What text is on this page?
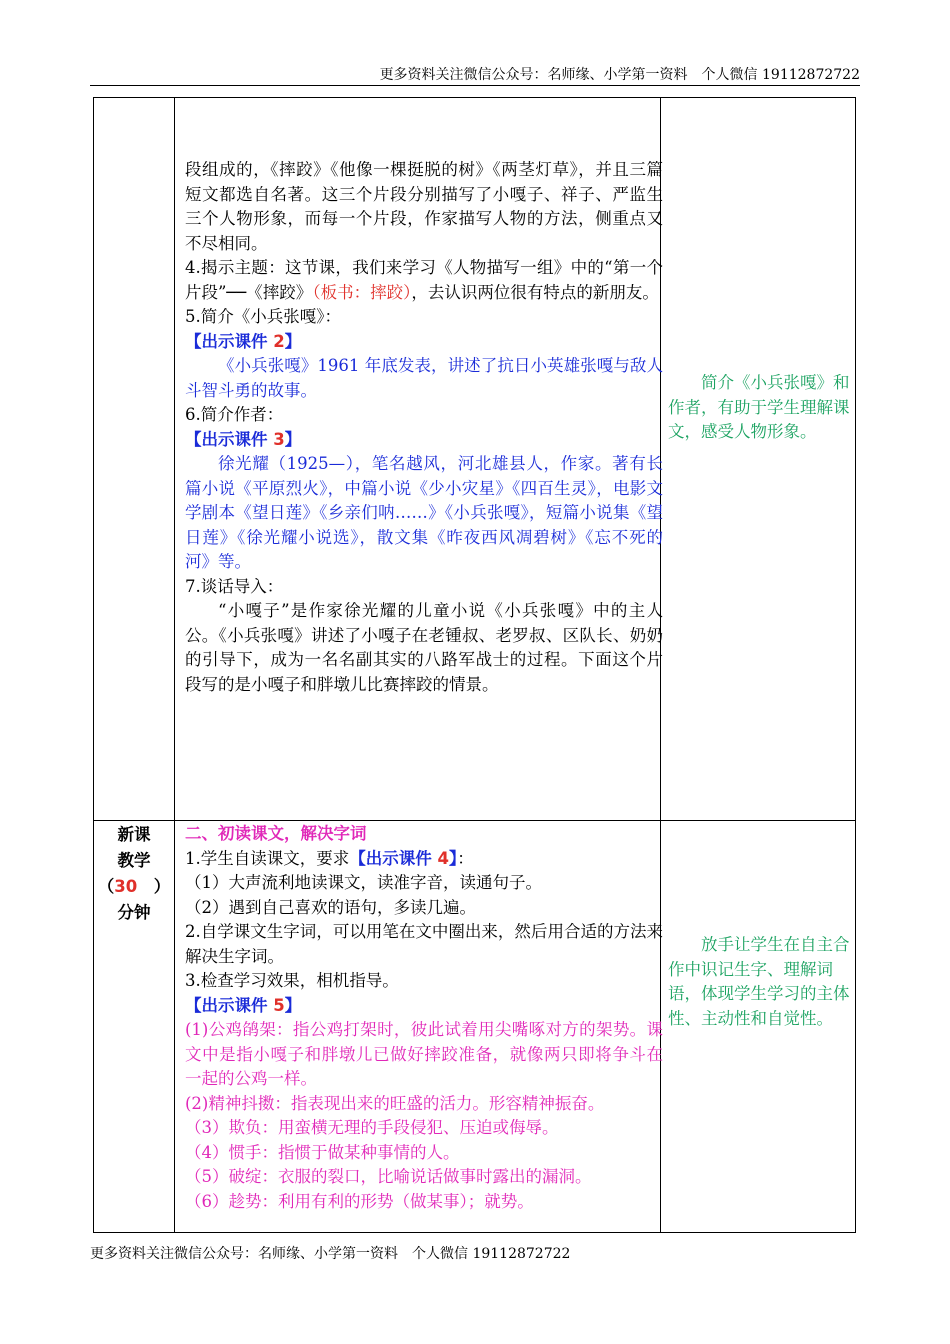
更多资料关注微信公众号：名师缘、小学第一资料　个人微信 19112872722
段组成的，《摔跤》《他像一棵挺脱的树》《两茎灯草》，并且三篇短文都选自名著。这三个片段分别描写了小嘎子、祥子、严监生三个人物形象，而每一个片段，作家描写人物的方法，侧重点又不尽相同。
4.揭示主题：这节课，我们来学习《人物描写一组》中的“第一个片段”──《摔跤》（板书：摔跤），去认识两位很有特点的新朋友。
5.简介《小兵张嘎》：
【出示课件 2】
《小兵张嘎》1961 年底发表，讲述了抗日小英雄张嘎与敌人斗智斗勇的故事。
6.简介作者：
【出示课件 3】
徐光耀（1925—），笔名越风，河北雄县人，作家。著有长篇小说《平原烈火》，中篇小说《少小灾星》《四百生灵》，电影文学剧本《望日莲》《乡亲们呐……》《小兵张嘎》，短篇小说集《望日莲》《徐光耀小说选》，散文集《昨夜西风凋碧树》《忘不死的河》等。
7.谈话导入：
“小嘎子”是作家徐光耀的儿童小说《小兵张嘎》中的主人公。《小兵张嘎》讲述了小嘎子在老锺叔、老罗叔、区队长、奶奶的引导下，成为一名名副其实的八路军战士的过程。下面这个片段写的是小嘎子和胖墩儿比赛摔跤的情景。
简介《小兵张嘎》和作者，有助于学生理解课文，感受人物形象。
新课
教学
（30　）
分钟
二、初读课文，解决字词
1.学生自读课文，要求【出示课件 4】：
（1）大声流利地读课文，读准字音，读通句子。
（2）遇到自己喜欢的语句，多读几遍。
2.自学课文生字词，可以用笔在文中圈出来，然后用合适的方法来解决生字词。
3.检查学习效果，相机指导。
【出示课件 5】
(1)公鸡鹐架：指公鸡打架时，彼此试着用尖嘴啄对方的架势。课文中是指小嘎子和胖墩儿已做好摔跤准备，就像两只即将争斗在一起的公鸡一样。
(2)精神抖擞：指表现出来的旺盛的活力。形容精神振奋。
（3）欺负：用蛮横无理的手段侵犯、压迫或侮辱。
（4）惯手：指惯于做某种事情的人。
（5）破绽：衣服的裂口，比喻说话做事时露出的漏洞。
（6）趁势：利用有利的形势（做某事）；就势。
放手让学生在自主合作中识记生字、理解词语，体现学生学习的主体性、主动性和自觉性。
更多资料关注微信公众号：名师缘、小学第一资料　个人微信 19112872722
